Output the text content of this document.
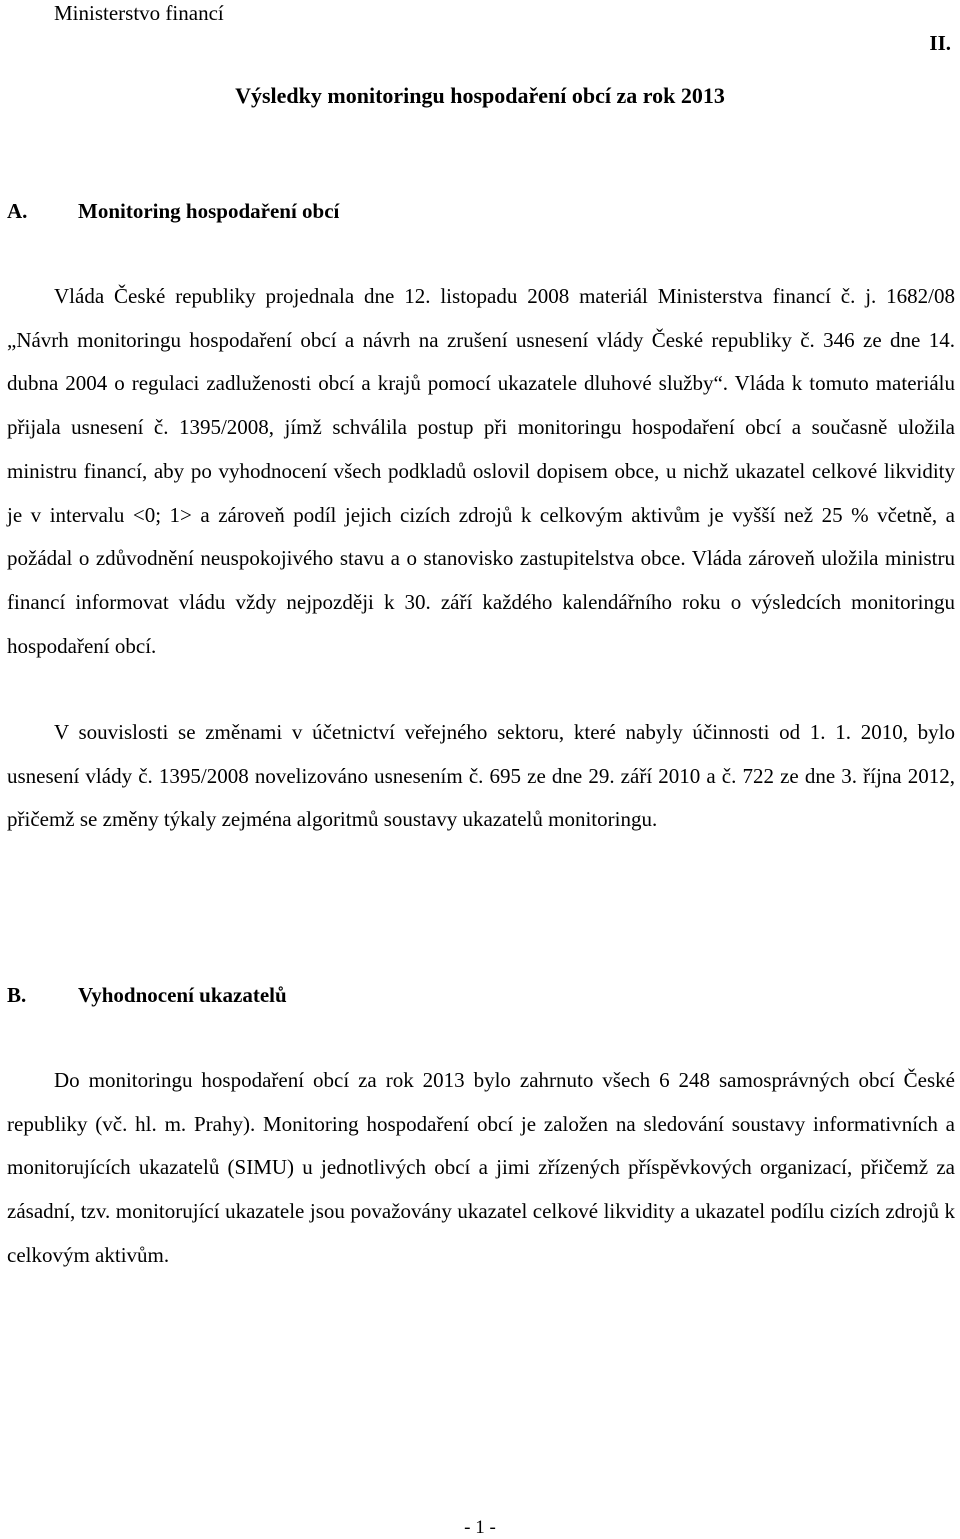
Ministerstvo financí
II.
Výsledky monitoringu hospodaření obcí za rok 2013
A. Monitoring hospodaření obcí

Vláda České republiky projednala dne 12. listopadu 2008 materiál Ministerstva financí č. j. 1682/08 „Návrh monitoringu hospodaření obcí a návrh na zrušení usnesení vlády České republiky č. 346 ze dne 14. dubna 2004 o regulaci zadluženosti obcí a krajů pomocí ukazatele dluhové služby“. Vláda k tomuto materiálu přijala usnesení č. 1395/2008, jímž schválila postup při monitoringu hospodaření obcí a současně uložila ministru financí, aby po vyhodnocení všech podkladů oslovil dopisem obce, u nichž ukazatel celkové likvidity je v intervalu <0; 1> a zároveň podíl jejich cizích zdrojů k celkovým aktivům je vyšší než 25 % včetně, a požádal o zdůvodnění neuspokojivého stavu a o stanovisko zastupitelstva obce. Vláda zároveň uložila ministru financí informovat vládu vždy nejpozději k 30. září každého kalendářního roku o výsledcích monitoringu hospodaření obcí.

V souvislosti se změnami v účetnictví veřejného sektoru, které nabyly účinnosti od 1. 1. 2010, bylo usnesení vlády č. 1395/2008 novelizováno usnesením č. 695 ze dne 29. září 2010 a č. 722 ze dne 3. října 2012, přičemž se změny týkaly zejména algoritmů soustavy ukazatelů monitoringu.

B. Vyhodnocení ukazatelů

Do monitoringu hospodaření obcí za rok 2013 bylo zahrnuto všech 6 248 samosprávných obcí České republiky (vč. hl. m. Prahy). Monitoring hospodaření obcí je založen na sledování soustavy informativních a monitorujících ukazatelů (SIMU) u jednotlivých obcí a jimi zřízených příspěvkových organizací, přičemž za zásadní, tzv. monitorující ukazatele jsou považovány ukazatel celkové likvidity a ukazatel podílu cizích zdrojů k celkovým aktivům.

- 1 -
